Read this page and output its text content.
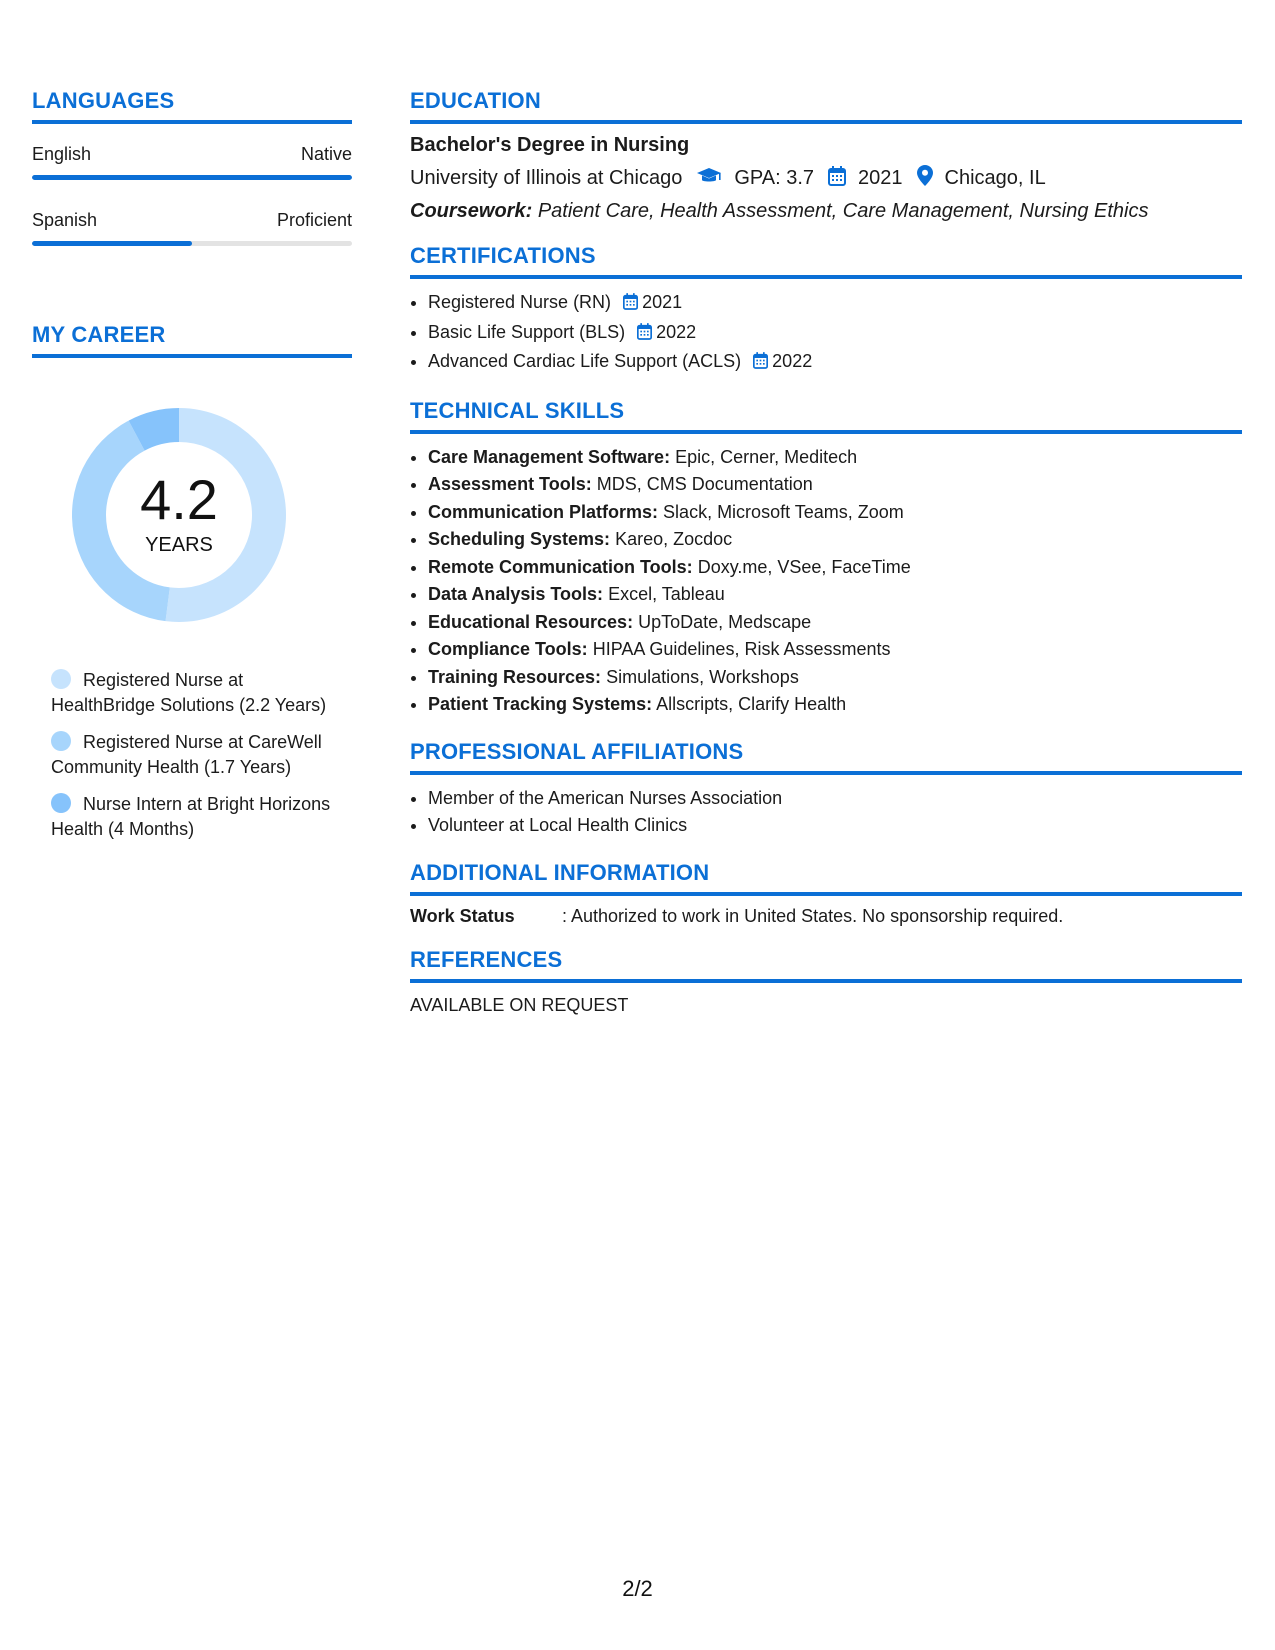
LANGUAGES
English	Native
Spanish	Proficient
MY CAREER
4.2
YEARS
Registered Nurse at HealthBridge Solutions (2.2 Years)
Registered Nurse at CareWell Community Health (1.7 Years)
Nurse Intern at Bright Horizons Health (4 Months)
EDUCATION
Bachelor's Degree in Nursing
University of Illinois at Chicago	GPA: 3.7 2021 Chicago, IL
Coursework: Patient Care, Health Assessment, Care Management, Nursing Ethics
CERTIFICATIONS
• Registered Nurse (RN) 2021
• Basic Life Support (BLS) 2022
• Advanced Cardiac Life Support (ACLS) 2022
TECHNICAL SKILLS
• Care Management Software: Epic, Cerner, Meditech
• Assessment Tools: MDS, CMS Documentation
• Communication Platforms: Slack, Microsoft Teams, Zoom
• Scheduling Systems: Kareo, Zocdoc
• Remote Communication Tools: Doxy.me, VSee, FaceTime
• Data Analysis Tools: Excel, Tableau
• Educational Resources: UpToDate, Medscape
• Compliance Tools: HIPAA Guidelines, Risk Assessments
• Training Resources: Simulations, Workshops
• Patient Tracking Systems: Allscripts, Clarify Health
PROFESSIONAL AFFILIATIONS
• Member of the American Nurses Association
• Volunteer at Local Health Clinics
ADDITIONAL INFORMATION
Work Status	: Authorized to work in United States. No sponsorship required.
REFERENCES
AVAILABLE ON REQUEST
2/2
